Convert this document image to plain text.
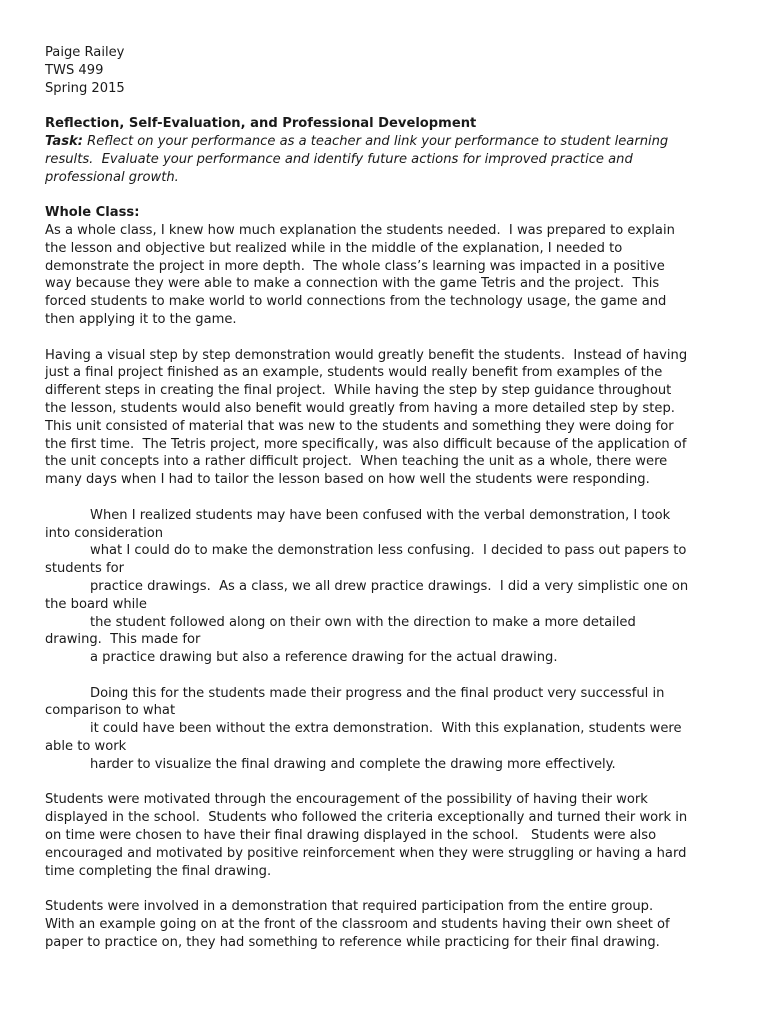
Paige Railey
TWS 499
Spring 2015
Reflection, Self-Evaluation, and Professional Development
Task: Reflect on your performance as a teacher and link your performance to student learning
results.  Evaluate your performance and identify future actions for improved practice and
professional growth.
Whole Class:
As a whole class, I knew how much explanation the students needed.  I was prepared to explain
the lesson and objective but realized while in the middle of the explanation, I needed to
demonstrate the project in more depth.  The whole class’s learning was impacted in a positive
way because they were able to make a connection with the game Tetris and the project.  This
forced students to make world to world connections from the technology usage, the game and
then applying it to the game.
Having a visual step by step demonstration would greatly benefit the students.  Instead of having
just a final project finished as an example, students would really benefit from examples of the
different steps in creating the final project.  While having the step by step guidance throughout
the lesson, students would also benefit would greatly from having a more detailed step by step.
This unit consisted of material that was new to the students and something they were doing for
the first time.  The Tetris project, more specifically, was also difficult because of the application of
the unit concepts into a rather difficult project.  When teaching the unit as a whole, there were
many days when I had to tailor the lesson based on how well the students were responding.
When I realized students may have been confused with the verbal demonstration, I took
into consideration
what I could do to make the demonstration less confusing.  I decided to pass out papers to
students for
practice drawings.  As a class, we all drew practice drawings.  I did a very simplistic one on
the board while
the student followed along on their own with the direction to make a more detailed
drawing.  This made for
a practice drawing but also a reference drawing for the actual drawing.
Doing this for the students made their progress and the final product very successful in
comparison to what
it could have been without the extra demonstration.  With this explanation, students were
able to work
harder to visualize the final drawing and complete the drawing more effectively.
Students were motivated through the encouragement of the possibility of having their work
displayed in the school.  Students who followed the criteria exceptionally and turned their work in
on time were chosen to have their final drawing displayed in the school.   Students were also
encouraged and motivated by positive reinforcement when they were struggling or having a hard
time completing the final drawing.
Students were involved in a demonstration that required participation from the entire group.
With an example going on at the front of the classroom and students having their own sheet of
paper to practice on, they had something to reference while practicing for their final drawing.
